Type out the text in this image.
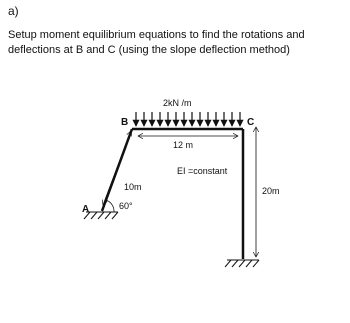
a)
Setup moment equilibrium equations to find the rotations and deflections at B and C (using the slope deflection method)
A
B	C
2kN /m
12 m
EI =constant
20m
10m
60°
